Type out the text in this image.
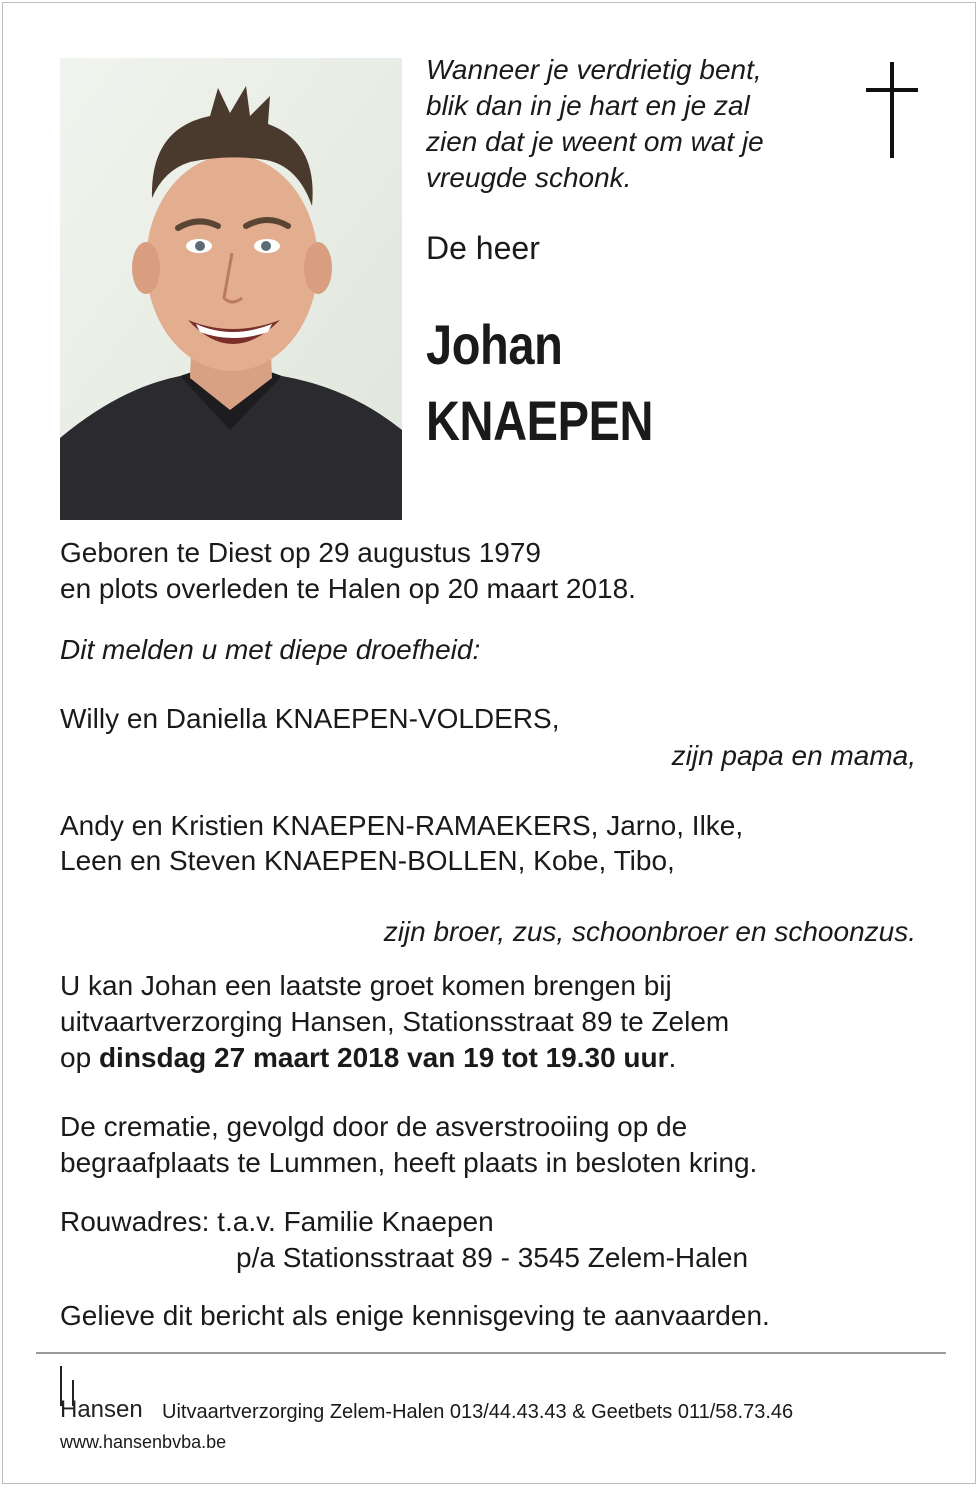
Wanneer je verdrietig bent,
blik dan in je hart en je zal
zien dat je weent om wat je
vreugde schonk.
De heer
Johan
KNAEPEN
Geboren te Diest op 29 augustus 1979
en plots overleden te Halen op 20 maart 2018.
Dit melden u met diepe droefheid:
Willy en Daniella KNAEPEN-VOLDERS,
zijn papa en mama,
Andy en Kristien KNAEPEN-RAMAEKERS, Jarno, Ilke,
Leen en Steven KNAEPEN-BOLLEN, Kobe, Tibo,
zijn broer, zus, schoonbroer en schoonzus.
U kan Johan een laatste groet komen brengen bij
uitvaartverzorging Hansen, Stationsstraat 89 te Zelem
op dinsdag 27 maart 2018 van 19 tot 19.30 uur.
De crematie, gevolgd door de asverstrooiing op de
begraafplaats te Lummen, heeft plaats in besloten kring.
Rouwadres: t.a.v. Familie Knaepen
p/a Stationsstraat 89 - 3545 Zelem-Halen
Gelieve dit bericht als enige kennisgeving te aanvaarden.
Hansen Uitvaartverzorging Zelem-Halen 013/44.43.43 & Geetbets 011/58.73.46
www.hansenbvba.be
